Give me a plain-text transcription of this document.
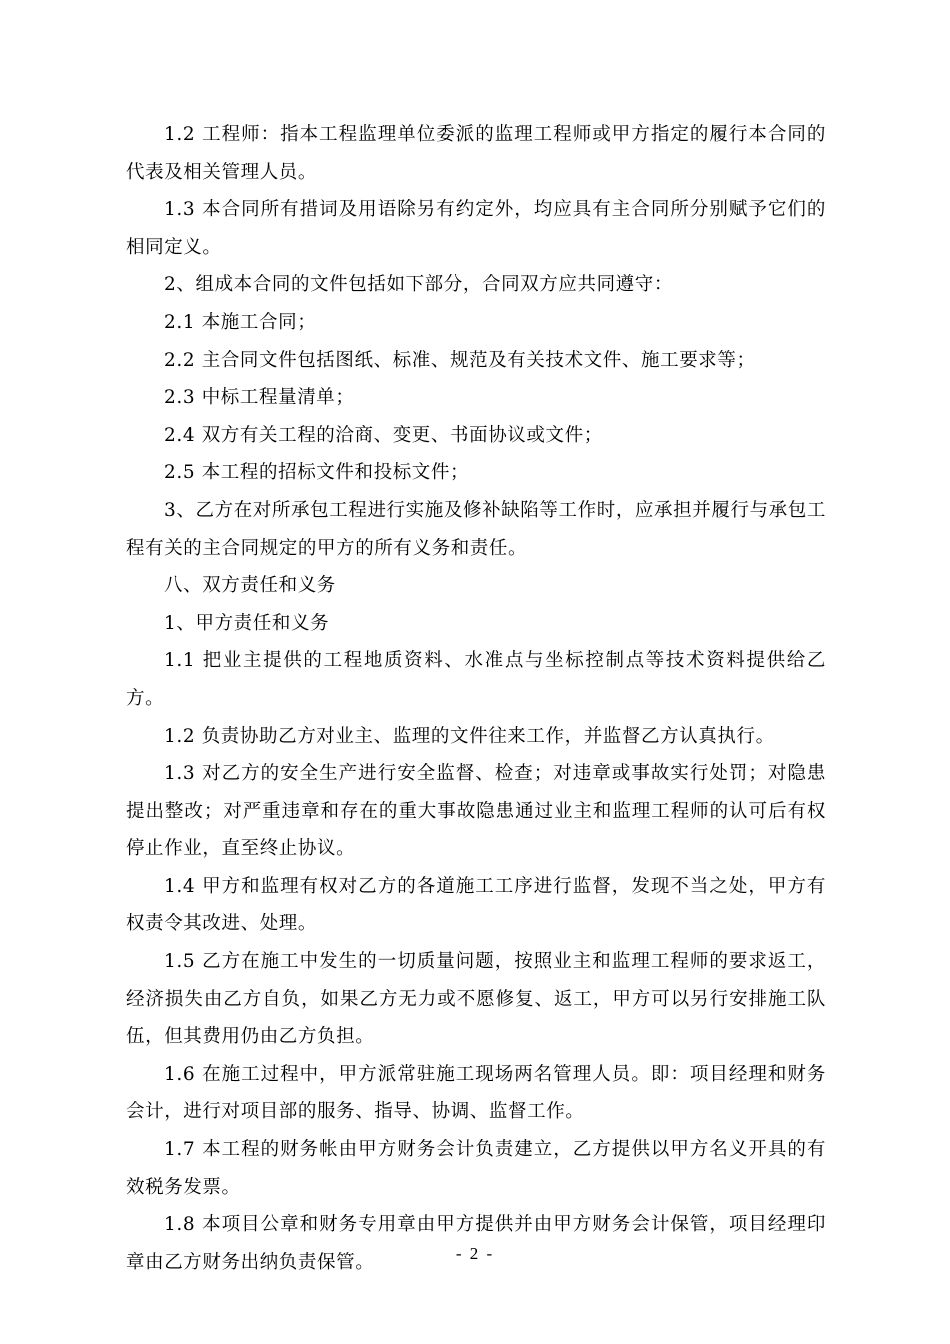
1.2 工程师：指本工程监理单位委派的监理工程师或甲方指定的履行本合同的代表及相关管理人员。

1.3 本合同所有措词及用语除另有约定外，均应具有主合同所分别赋予它们的相同定义。

2、组成本合同的文件包括如下部分，合同双方应共同遵守：

2.1 本施工合同；

2.2 主合同文件包括图纸、标准、规范及有关技术文件、施工要求等；

2.3 中标工程量清单；

2.4 双方有关工程的洽商、变更、书面协议或文件；

2.5 本工程的招标文件和投标文件；

3、乙方在对所承包工程进行实施及修补缺陷等工作时，应承担并履行与承包工程有关的主合同规定的甲方的所有义务和责任。

八、双方责任和义务

1、甲方责任和义务

1.1 把业主提供的工程地质资料、水准点与坐标控制点等技术资料提供给乙方。

1.2 负责协助乙方对业主、监理的文件往来工作，并监督乙方认真执行。

1.3 对乙方的安全生产进行安全监督、检查；对违章或事故实行处罚；对隐患提出整改；对严重违章和存在的重大事故隐患通过业主和监理工程师的认可后有权停止作业，直至终止协议。

1.4 甲方和监理有权对乙方的各道施工工序进行监督，发现不当之处，甲方有权责令其改进、处理。

1.5 乙方在施工中发生的一切质量问题，按照业主和监理工程师的要求返工，经济损失由乙方自负，如果乙方无力或不愿修复、返工，甲方可以另行安排施工队伍，但其费用仍由乙方负担。

1.6 在施工过程中，甲方派常驻施工现场两名管理人员。即：项目经理和财务会计，进行对项目部的服务、指导、协调、监督工作。

1.7 本工程的财务帐由甲方财务会计负责建立，乙方提供以甲方名义开具的有效税务发票。

1.8 本项目公章和财务专用章由甲方提供并由甲方财务会计保管，项目经理印章由乙方财务出纳负责保管。	- 2 -
